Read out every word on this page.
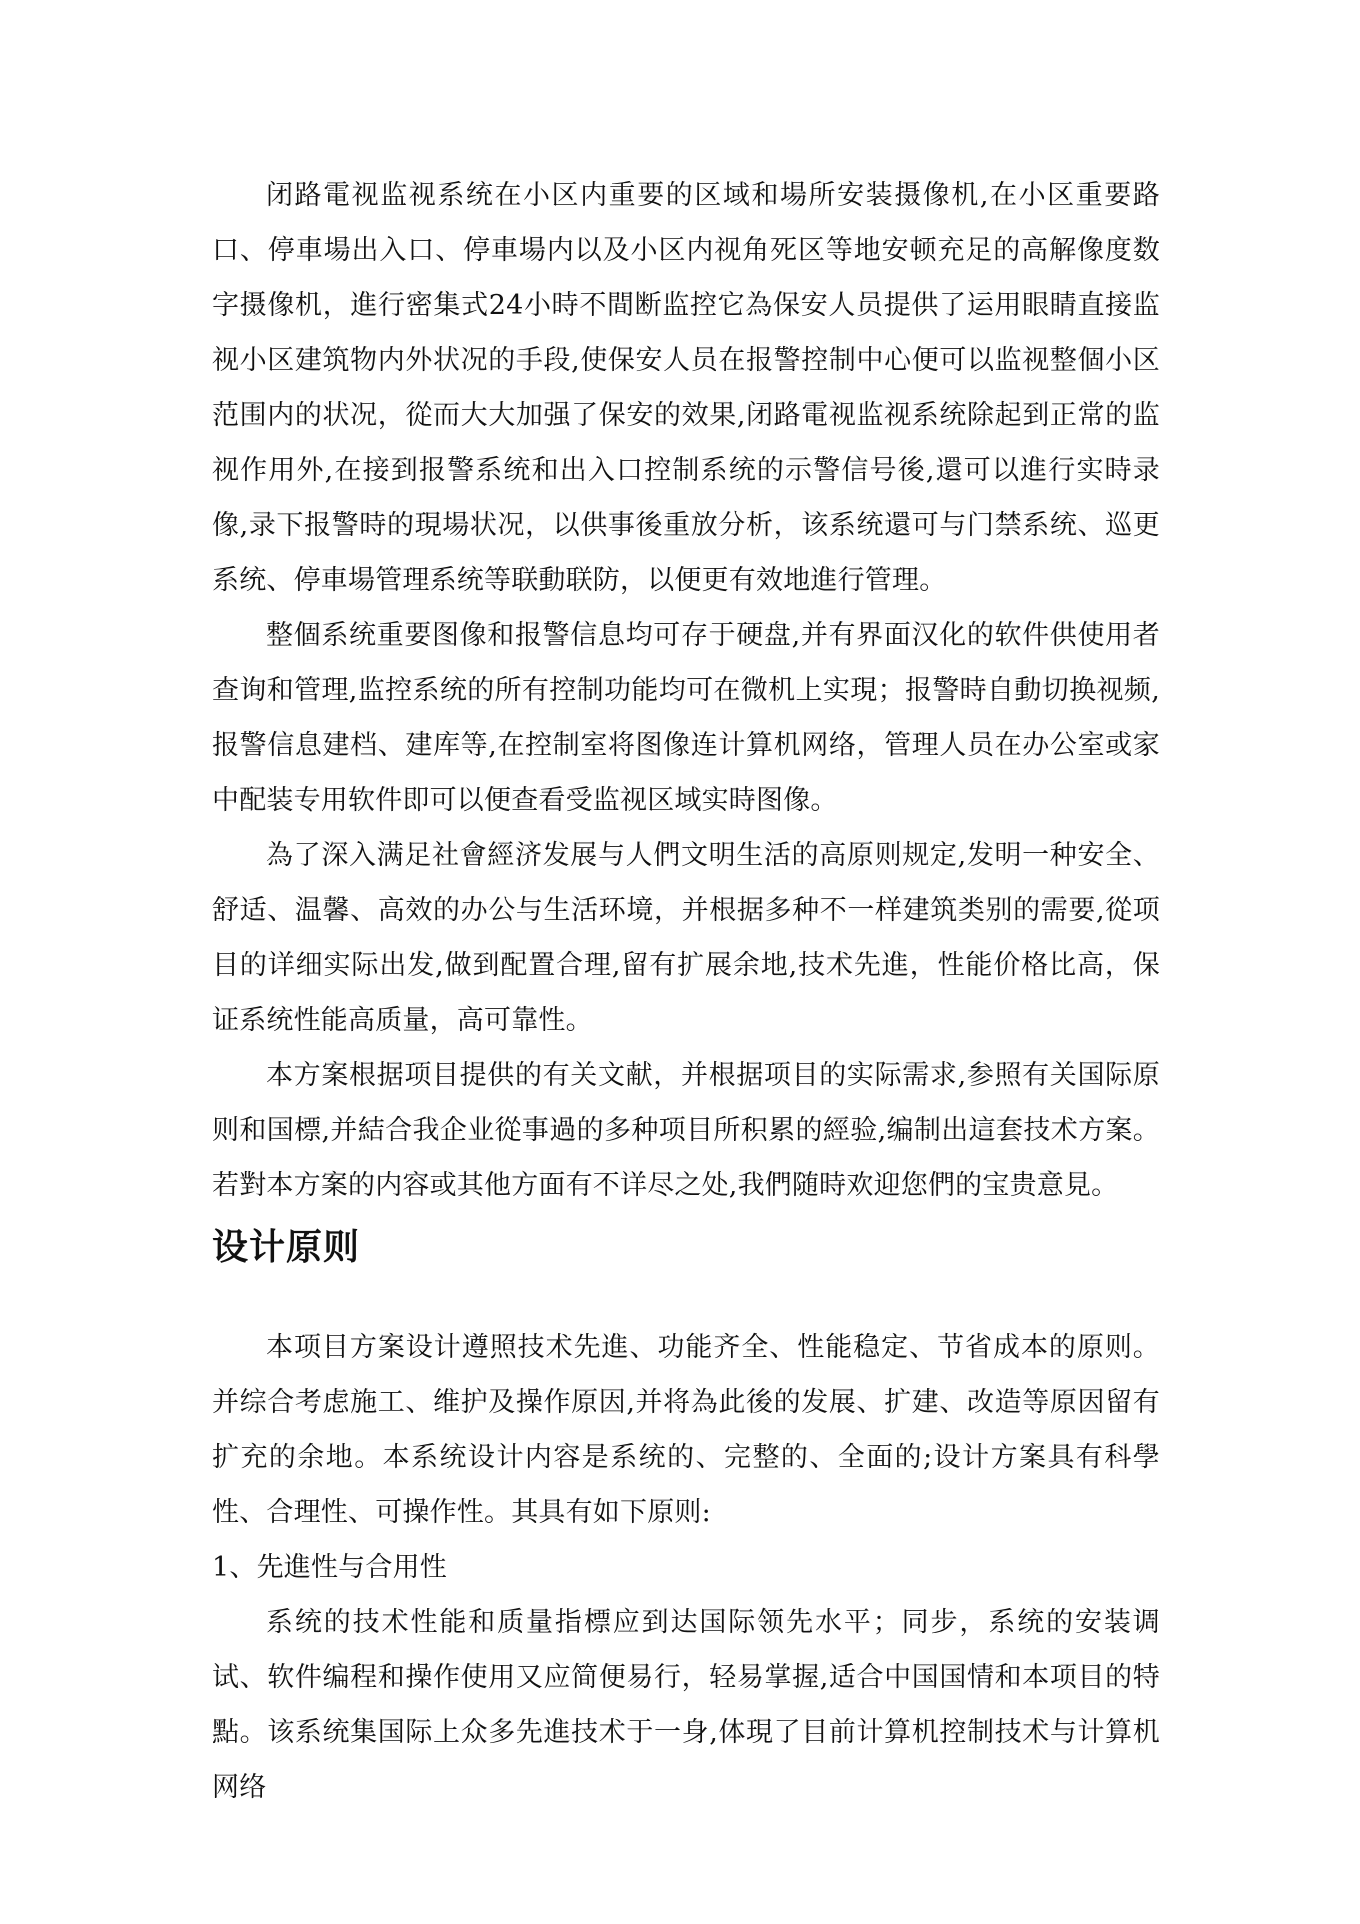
闭路電视监视系统在小区内重要的区域和場所安装摄像机,在小区重要路口、停車場出入口、停車場内以及小区内视角死区等地安顿充足的高解像度数字摄像机，進行密集式24小時不間断监控它為保安人员提供了运用眼睛直接监视小区建筑物内外状况的手段,使保安人员在报警控制中心便可以监视整個小区范围内的状况，從而大大加强了保安的效果,闭路電视监视系统除起到正常的监视作用外,在接到报警系统和出入口控制系统的示警信号後,還可以進行实時录像,录下报警時的現場状况，以供事後重放分析，该系统還可与门禁系统、巡更系统、停車場管理系统等联動联防，以便更有效地進行管理。

整個系统重要图像和报警信息均可存于硬盘,并有界面汉化的软件供使用者查询和管理,监控系统的所有控制功能均可在微机上实現；报警時自動切换视频,报警信息建档、建库等,在控制室将图像连计算机网络，管理人员在办公室或家中配装专用软件即可以便查看受监视区域实時图像。

為了深入满足社會經济发展与人們文明生活的高原则规定,发明一种安全、舒适、温馨、高效的办公与生活环境，并根据多种不一样建筑类别的需要,從项目的详细实际出发,做到配置合理,留有扩展余地,技术先進，性能价格比高，保证系统性能高质量，高可靠性。

本方案根据项目提供的有关文献，并根据项目的实际需求,参照有关国际原则和国標,并結合我企业從事過的多种项目所积累的經验,编制出這套技术方案。若對本方案的内容或其他方面有不详尽之处,我們随時欢迎您們的宝贵意見。

设计原则

本项目方案设计遵照技术先進、功能齐全、性能稳定、节省成本的原则。并综合考虑施工、维护及操作原因,并将為此後的发展、扩建、改造等原因留有扩充的余地。本系统设计内容是系统的、完整的、全面的;设计方案具有科學性、合理性、可操作性。其具有如下原则:

1、先進性与合用性

系统的技术性能和质量指標应到达国际领先水平；同步，系统的安装调试、软件编程和操作使用又应简便易行，轻易掌握,适合中国国情和本项目的特點。该系统集国际上众多先進技术于一身,体現了目前计算机控制技术与计算机网络
